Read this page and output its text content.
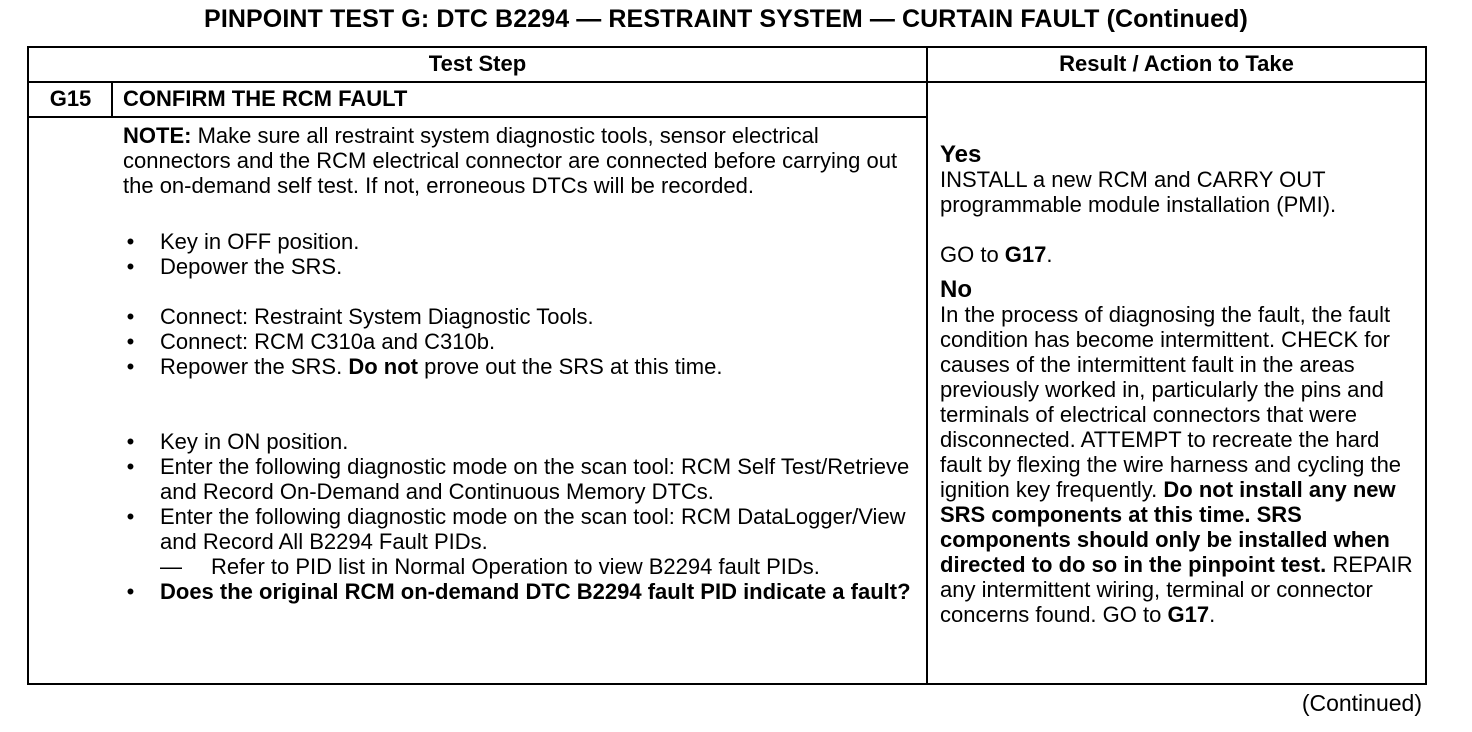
PINPOINT TEST G: DTC B2294 — RESTRAINT SYSTEM — CURTAIN FAULT (Continued)
Test Step	Result / Action to Take
G15	CONFIRM THE RCM FAULT
NOTE: Make sure all restraint system diagnostic tools, sensor electrical connectors and the RCM electrical connector are connected before carrying out the on-demand self test. If not, erroneous DTCs will be recorded.
• Key in OFF position.
• Depower the SRS.
• Connect: Restraint System Diagnostic Tools.
• Connect: RCM C310a and C310b.
• Repower the SRS. Do not prove out the SRS at this time.
• Key in ON position.
• Enter the following diagnostic mode on the scan tool: RCM Self Test/Retrieve and Record On-Demand and Continuous Memory DTCs.
• Enter the following diagnostic mode on the scan tool: RCM DataLogger/View and Record All B2294 Fault PIDs.
— Refer to PID list in Normal Operation to view B2294 fault PIDs.
• Does the original RCM on-demand DTC B2294 fault PID indicate a fault?
Yes
INSTALL a new RCM and CARRY OUT programmable module installation (PMI).
GO to G17.
No
In the process of diagnosing the fault, the fault condition has become intermittent. CHECK for causes of the intermittent fault in the areas previously worked in, particularly the pins and terminals of electrical connectors that were disconnected. ATTEMPT to recreate the hard fault by flexing the wire harness and cycling the ignition key frequently. Do not install any new SRS components at this time. SRS components should only be installed when directed to do so in the pinpoint test. REPAIR any intermittent wiring, terminal or connector concerns found. GO to G17.
(Continued)
